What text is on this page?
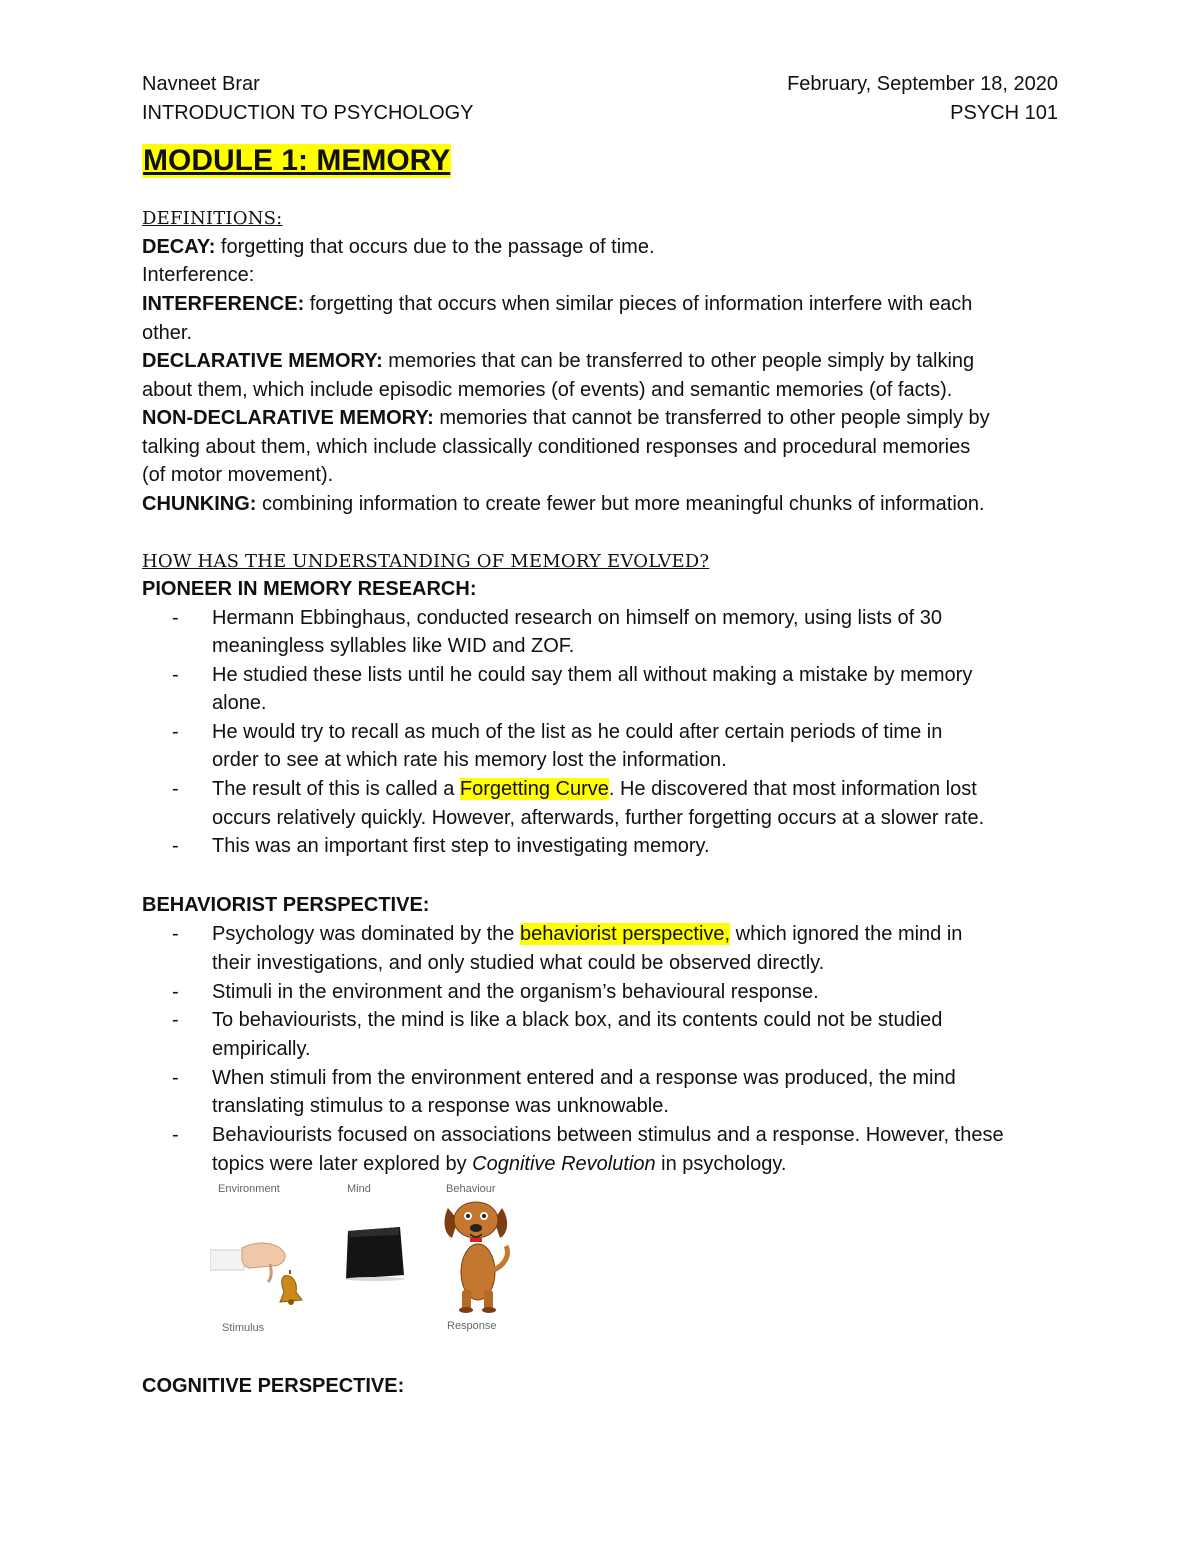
Navneet Brar	February, September 18, 2020
INTRODUCTION TO PSYCHOLOGY	PSYCH 101
MODULE 1: MEMORY
DEFINITIONS:
DECAY: forgetting that occurs due to the passage of time.
Interference:
INTERFERENCE: forgetting that occurs when similar pieces of information interfere with each
other.
DECLARATIVE MEMORY: memories that can be transferred to other people simply by talking
about them, which include episodic memories (of events) and semantic memories (of facts).
NON-DECLARATIVE MEMORY: memories that cannot be transferred to other people simply by
talking about them, which include classically conditioned responses and procedural memories
(of motor movement).
CHUNKING: combining information to create fewer but more meaningful chunks of information.
HOW HAS THE UNDERSTANDING OF MEMORY EVOLVED?
PIONEER IN MEMORY RESEARCH:
- Hermann Ebbinghaus, conducted research on himself on memory, using lists of 30
meaningless syllables like WID and ZOF.
- He studied these lists until he could say them all without making a mistake by memory
alone.
- He would try to recall as much of the list as he could after certain periods of time in
order to see at which rate his memory lost the information.
- The result of this is called a Forgetting Curve. He discovered that most information lost
occurs relatively quickly. However, afterwards, further forgetting occurs at a slower rate.
- This was an important first step to investigating memory.
BEHAVIORIST PERSPECTIVE:
- Psychology was dominated by the behaviorist perspective, which ignored the mind in
their investigations, and only studied what could be observed directly.
- Stimuli in the environment and the organism’s behavioural response.
- To behaviourists, the mind is like a black box, and its contents could not be studied
empirically.
- When stimuli from the environment entered and a response was produced, the mind
translating stimulus to a response was unknowable.
- Behaviourists focused on associations between stimulus and a response. However, these
topics were later explored by Cognitive Revolution in psychology.
Environment	Mind	Behaviour
Stimulus	Response
COGNITIVE PERSPECTIVE:
